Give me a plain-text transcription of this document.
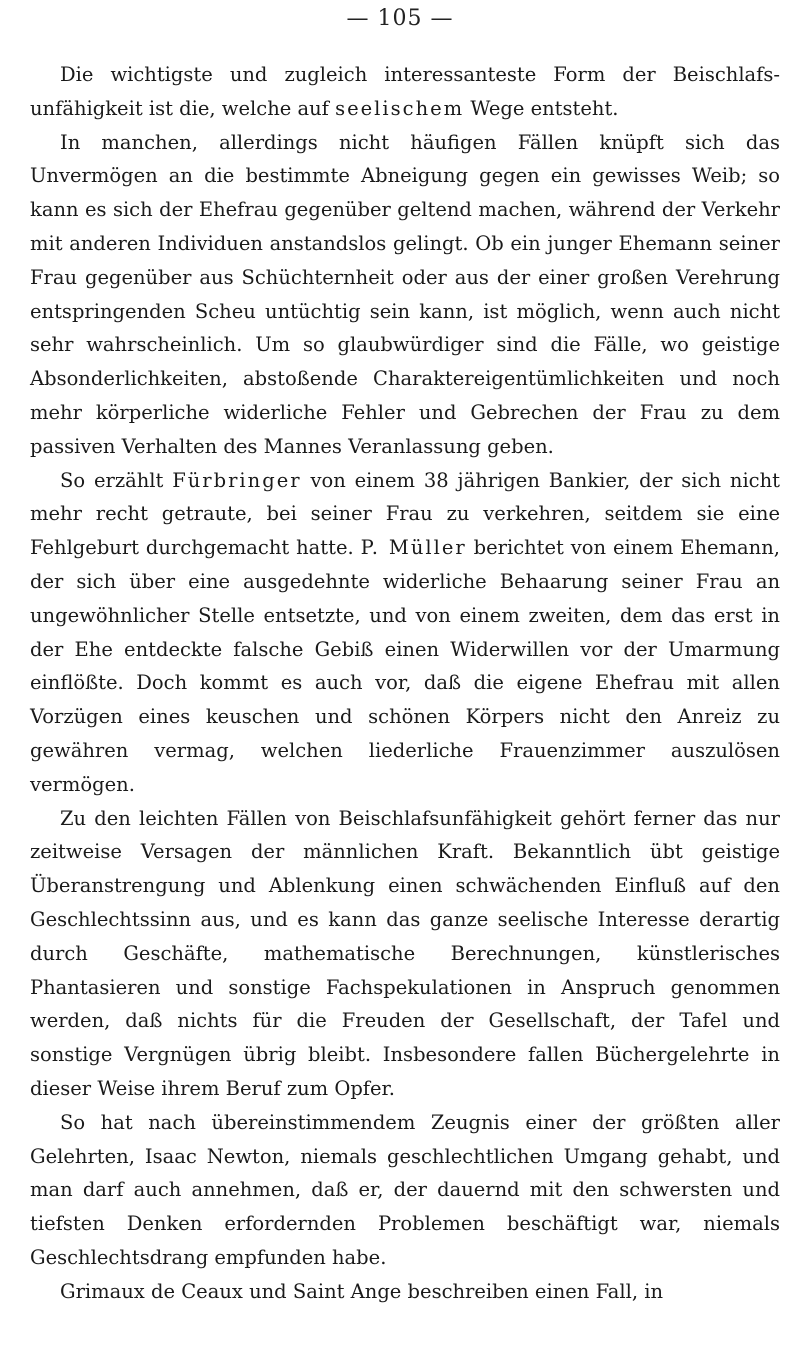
— 105 —

Die wichtigste und zugleich interessanteste Form der Beischlafs- unfähigkeit ist die, welche auf seelischem Wege entsteht.

In manchen, allerdings nicht häufigen Fällen knüpft sich das Unvermögen an die bestimmte Abneigung gegen ein gewisses Weib; so kann es sich der Ehefrau gegenüber geltend machen, während der Verkehr mit anderen Individuen anstandslos gelingt. Ob ein junger Ehemann seiner Frau gegenüber aus Schüchternheit oder aus der einer großen Verehrung entspringenden Scheu untüchtig sein kann, ist möglich, wenn auch nicht sehr wahrscheinlich. Um so glaubwürdiger sind die Fälle, wo geistige Absonderlichkeiten, abstoßende Charaktereigentümlichkeiten und noch mehr körperliche widerliche Fehler und Gebrechen der Frau zu dem passiven Verhalten des Mannes Veranlassung geben.

So erzählt Fürbringer von einem 38 jährigen Bankier, der sich nicht mehr recht getraute, bei seiner Frau zu verkehren, seitdem sie eine Fehlgeburt durchgemacht hatte. P. Müller berichtet von einem Ehemann, der sich über eine ausgedehnte widerliche Behaarung seiner Frau an ungewöhnlicher Stelle entsetzte, und von einem zweiten, dem das erst in der Ehe entdeckte falsche Gebiß einen Widerwillen vor der Umarmung einflößte. Doch kommt es auch vor, daß die eigene Ehefrau mit allen Vorzügen eines keuschen und schönen Körpers nicht den Anreiz zu gewähren vermag, welchen liederliche Frauenzimmer auszulösen vermögen.

Zu den leichten Fällen von Beischlafsunfähigkeit gehört ferner das nur zeitweise Versagen der männlichen Kraft. Bekanntlich übt geistige Überanstrengung und Ablenkung einen schwächenden Einfluß auf den Geschlechtssinn aus, und es kann das ganze seelische Interesse derartig durch Geschäfte, mathematische Berechnungen, künstlerisches Phantasieren und sonstige Fachspekulationen in Anspruch genommen werden, daß nichts für die Freuden der Gesellschaft, der Tafel und sonstige Vergnügen übrig bleibt. Insbesondere fallen Büchergelehrte in dieser Weise ihrem Beruf zum Opfer.

So hat nach übereinstimmendem Zeugnis einer der größten aller Gelehrten, Isaac Newton, niemals geschlechtlichen Umgang gehabt, und man darf auch annehmen, daß er, der dauernd mit den schwersten und tiefsten Denken erfordernden Problemen beschäftigt war, niemals Geschlechtsdrang empfunden habe.

Grimaux de Ceaux und Saint Ange beschreiben einen Fall, in
